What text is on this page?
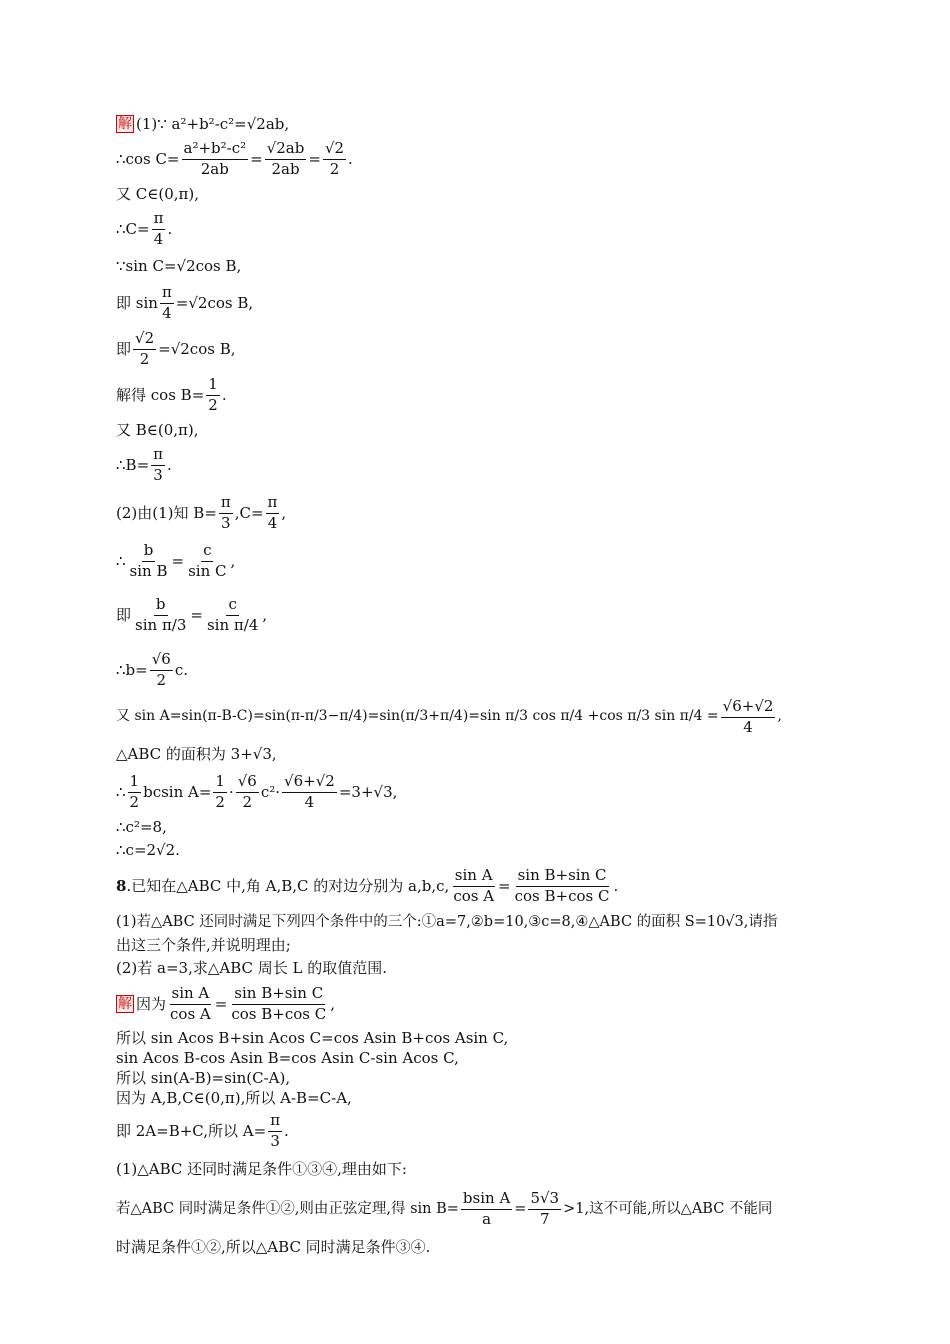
解 (1)∵ a²+b²-c²=√2ab,
∴cos $C= \frac{\text{a²+b²-c²}}{2ab} = \frac{√2ab}{2ab} = \frac{√2}{2}$ .
又 C∈(0,π),
∴C= $\frac{\pi}{4}$ .
∵sin C=√2cos B,
即 $\sin \frac{\pi}{4} =√2\cos$ B,
即 $\frac{√2}{2} =√2\cos$ B,
解得 $\cos B= \frac{1}{2}$ .
又 B∈(0,π),
∴B= $\frac{\pi}{3}$ .
(2)由(1)知 $B= \frac{\pi}{3} ,C= \frac{\pi}{4}$ ,
∴ $\frac{b}{\text{sin B}} = \frac{c}{\text{sin C}}$ ,
即 $\frac{b}{\text{sin π/3}} = \frac{c}{\text{sin π/4}}$ ,
∴b= $\frac{√6}{2} c$.
又 sin A=sin(π-B-C)=sin(π-π/3−π/4)=sin(π/3+π/4)=sin π/3 cos π/4 +cos π/3 $\sin \pi/4 = \frac{√6+√2}{4}$ ,
△ABC 的面积为 3+√3,
∴ $\frac{1}{2}$ bcsin $A= \frac{1}{2} \cdot \frac{√6}{2} c^2\cdot \frac{√6+√2}{4} =3+√3$,
∴c²=8,
∴c=2√2.
8 .已知在△ABC 中,角 A,B,C 的对边分别为 a,b,c, $\frac{\text{sin A}}{\text{cos A}} = \frac{\text{sin B+sin C}}{\text{cos B+cos C}}$ .
(1)若△ABC 还同时满足下列四个条件中的三个:①a=7,②b=10,③c=8,④△ABC 的面积 S=10√3,请指
出这三个条件,并说明理由;
(2)若 a=3,求△ABC 周长 L 的取值范围.
解 因为 $\frac{\text{sin A}}{\text{cos A}} = \frac{\text{sin B+sin C}}{\text{cos B+cos C}}$ ,
所以 sin Acos B+sin Acos C=cos Asin B+cos Asin C,
sin Acos B-cos Asin B=cos Asin C-sin Acos C,
所以 sin(A-B)=sin(C-A),
因为 A,B,C∈(0,π),所以 A-B=C-A,
即 2A=B+C,所以 $A= \frac{\pi}{3}$ .
(1)△ABC 还同时满足条件①③④,理由如下:
若△ABC 同时满足条件①②,则由正弦定理,得 $\sin B= \frac{\text{bsin A}}{a} = \frac{5√3}{7} >1$,这不可能,所以△ABC 不能同
时满足条件①②,所以△ABC 同时满足条件③④.
